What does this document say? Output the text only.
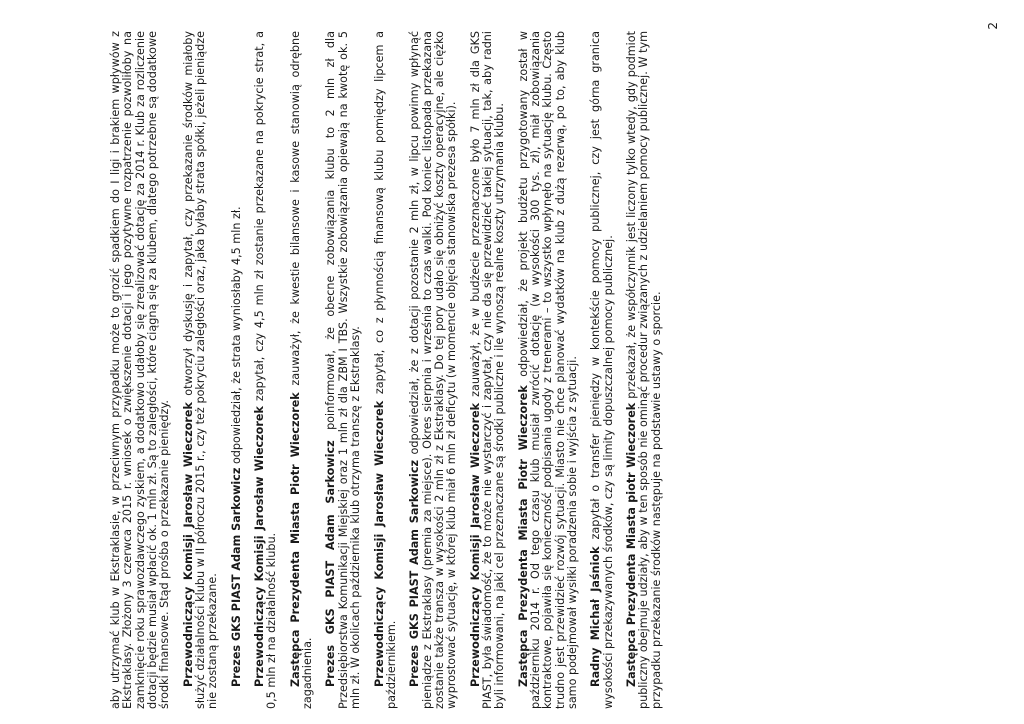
aby utrzymać klub w Ekstraklasie, w przeciwnym przypadku może to grozić spadkiem do I ligi i brakiem wpływów z Ekstraklasy. Złożony 3 czerwca 2015 r. wniosek o zwiększenie dotacji i jego pozytywne rozpatrzenie pozwoliłoby na zamknięcie roku sprawozdawczego zyskiem, a dodatkowo udałoby się zrealizować dotację za 2014 r. Klub za rozliczenie dotacji będzie musiał wpłacić ok. 1 mln zł. Są to zaległości, które ciągną się za klubem, dlatego potrzebne są dodatkowe środki finansowe. Stąd prośba o przekazanie pieniędzy. Przewodniczący Komisji Jarosław Wieczorek otworzył dyskusję i zapytał, czy przekazanie środków miałoby służyć działalności klubu w II półroczu 2015 r., czy też pokryciu zaległości oraz, jaka byłaby strata spółki, jeżeli pieniądze nie zostaną przekazane. Prezes GKS PIAST Adam Sarkowicz odpowiedział, że strata wyniosłaby 4,5 mln zł.

Przewodniczący Komisji Jarosław Wieczorek zapytał, czy 4,5 mln zł zostanie przekazane na pokrycie strat, a 0,5 mln zł na działalność klubu. Zastępca Prezydenta Miasta Piotr Wieczorek zauważył, że kwestie bilansowe i kasowe stanowią odrębne zagadnienia. Prezes GKS PIAST Adam Sarkowicz poinformował, że obecne zobowiązania klubu to 2 mln zł dla Przedsiębiorstwa Komunikacji Miejskiej oraz 1 mln zł dla ZBM I TBS. Wszystkie zobowiązania opiewają na kwotę ok. 5 mln zł. W okolicach października klub otrzyma transzę z Ekstraklasy. Przewodniczący Komisji Jarosław Wieczorek zapytał, co z płynnością finansową klubu pomiędzy lipcem a październikiem. Prezes GKS PIAST Adam Sarkowicz odpowiedział, że z dotacji pozostanie 2 mln zł, w lipcu powinny wpłynąć pieniądze z Ekstraklasy (premia za miejsce). Okres sierpnia i września to czas walki. Pod koniec listopada przekazana zostanie także transza w wysokości 2 mln zł z Ekstraklasy. Do tej pory udało się obniżyć koszty operacyjne, ale ciężko wyprostować sytuację, w której klub miał 6 mln zł deficytu (w momencie objęcia stanowiska prezesa spółki). Przewodniczący Komisji Jarosław Wieczorek zauważył, że w budżecie przeznaczone było 7 mln zł dla GKS PIAST, była świadomość, że to może nie wystarczyć i zapytał, czy nie da się przewidzieć takiej sytuacji, tak, aby radni byli informowani, na jaki cel przeznaczane są środki publiczne i ile wynoszą realne koszty utrzymania klubu. Zastępca Prezydenta Miasta Piotr Wieczorek odpowiedział, że projekt budżetu przygotowany został w październiku 2014 r. Od tego czasu klub musiał zwrócić dotację (w wysokości 300 tys. zł), miał zobowiązania kontraktowe, pojawiła się konieczność podpisania ugody z trenerami – to wszystko wpłynęło na sytuację klubu. Często trudno jest przewidzieć rozwój sytuacji. Miasto nie chce planować wydatków na klub z dużą rezerwą, po to, aby klub samo podejmował wysiłki poradzenia sobie i wyjścia z sytuacji. Radny Michał Jaśniok zapytał o transfer pieniędzy w kontekście pomocy publicznej, czy jest górna granica wysokości przekazywanych środków, czy są limity dopuszczalnej pomocy publicznej. Zastępca Prezydenta Miasta piotr Wieczorek przekazał, że współczynnik jest liczony tylko wtedy, gdy podmiot publiczny obejmuje udziały, aby w ten sposób nie ominąć procedur związanych z udzielaniem pomocy publicznej. W tym przypadku przekazanie środków następuje na podstawie ustawy o sporcie.

2
